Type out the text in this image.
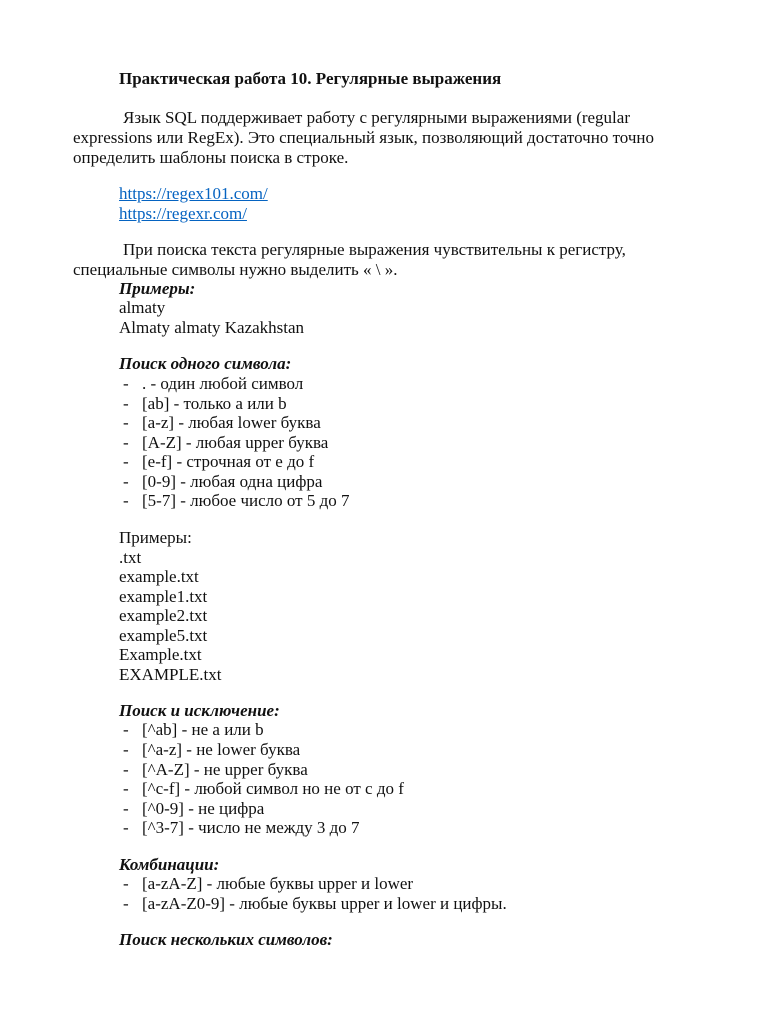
Практическая работа 10. Регулярные выражения
Язык SQL поддерживает работу с регулярными выражениями (regular
expressions или RegEx). Это специальный язык, позволяющий достаточно точно
определить шаблоны поиска в строке.
https://regex101.com/
https://regexr.com/
При поиска текста регулярные выражения чувствительны к регистру,
специальные символы нужно выделить « \ ».
Примеры:
almaty
Almaty almaty Kazakhstan
Поиск одного символа:
- . - один любой символ
- [ab] - только a или b
- [a-z] - любая lower буква
- [A-Z] - любая upper буква
- [e-f] - строчная от e до f
- [0-9] - любая одна цифра
- [5-7] - любое число от 5 до 7
Примеры:
.txt
example.txt
example1.txt
example2.txt
example5.txt
Example.txt
EXAMPLE.txt
Поиск и исключение:
- [^ab] - не a или b
- [^a-z] - не lower буква
- [^A-Z] - не upper буква
- [^c-f] - любой символ но не от c до f
- [^0-9] - не цифра
- [^3-7] - число не между 3 до 7
Комбинации:
- [a-zA-Z] - любые буквы upper и lower
- [a-zA-Z0-9] - любые буквы upper и lower и цифры.
Поиск нескольких символов:
